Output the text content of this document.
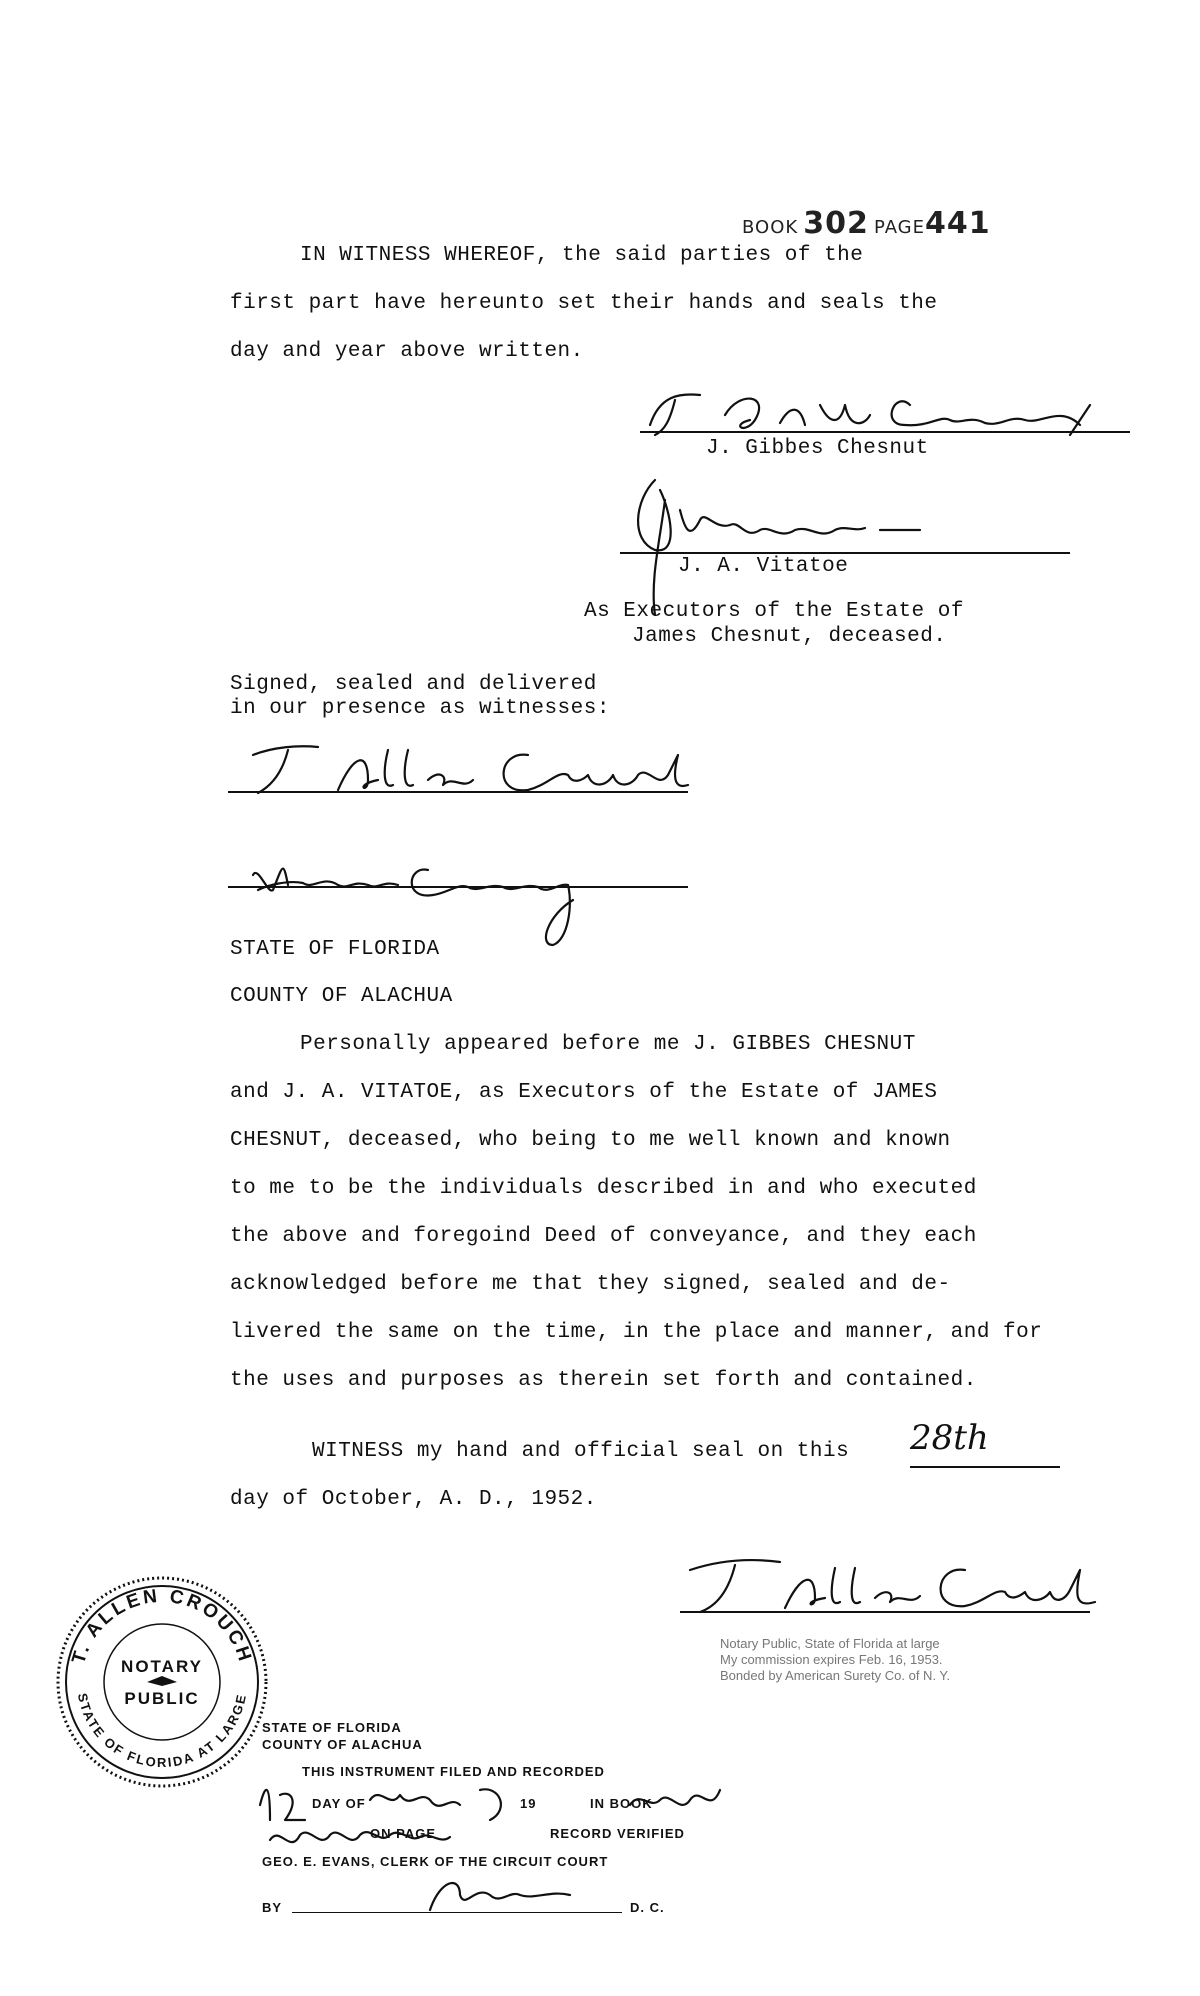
BOOK 302 PAGE441
IN WITNESS WHEREOF, the said parties of the
first part have hereunto set their hands and seals the
day and year above written.
J. Gibbes Chesnut
J. A. Vitatoe
As Executors of the Estate of
James Chesnut, deceased.
Signed, sealed and delivered
in our presence as witnesses:
STATE OF FLORIDA
COUNTY OF ALACHUA
Personally appeared before me J. GIBBES CHESNUT
and J. A. VITATOE, as Executors of the Estate of JAMES
CHESNUT, deceased, who being to me well known and known
to me to be the individuals described in and who executed
the above and foregoind Deed of conveyance, and they each
acknowledged before me that they signed, sealed and de-
livered the same on the time, in the place and manner, and for
the uses and purposes as therein set forth and contained.
WITNESS my hand and official seal on this 28th
day of October, A. D., 1952.
Notary Public, State of Florida at large
My commission expires Feb. 16, 1953.
Bonded by American Surety Co. of N. Y.
T. ALLEN CROUCH
STATE OF FLORIDA AT LARGE
NOTARY
PUBLIC
STATE OF FLORIDA
COUNTY OF ALACHUA
THIS INSTRUMENT FILED AND RECORDED
DAY OF	19	IN BOOK
ON PAGE	RECORD VERIFIED
GEO. E. EVANS, CLERK OF THE CIRCUIT COURT
BY	D. C.
